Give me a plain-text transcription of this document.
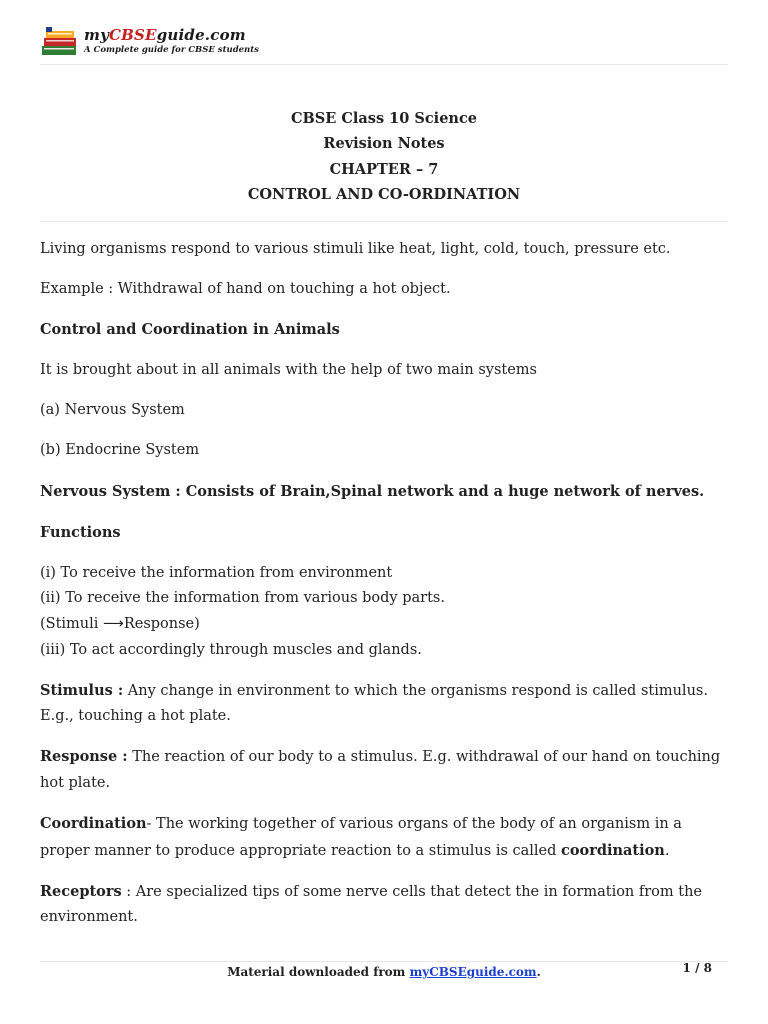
myCBSEguide.com
A Complete guide for CBSE students
CBSE Class 10 Science
Revision Notes
CHAPTER – 7
CONTROL AND CO-ORDINATION

Living organisms respond to various stimuli like heat, light, cold, touch, pressure etc.

Example : Withdrawal of hand on touching a hot object.

Control and Coordination in Animals

It is brought about in all animals with the help of two main systems

(a) Nervous System

(b) Endocrine System

Nervous System : Consists of Brain,Spinal network and a huge network of nerves.

Functions

(i) To receive the information from environment
(ii) To receive the information from various body parts.
(Stimuli ⟶Response)
(iii) To act accordingly through muscles and glands.

Stimulus : Any change in environment to which the organisms respond is called stimulus. E.g., touching a hot plate.

Response : The reaction of our body to a stimulus. E.g. withdrawal of our hand on touching hot plate.

Coordination- The working together of various organs of the body of an organism in a proper manner to produce appropriate reaction to a stimulus is called coordination.

Receptors : Are specialized tips of some nerve cells that detect the in formation from the environment.

Material downloaded from myCBSEguide.com.	1 / 8
